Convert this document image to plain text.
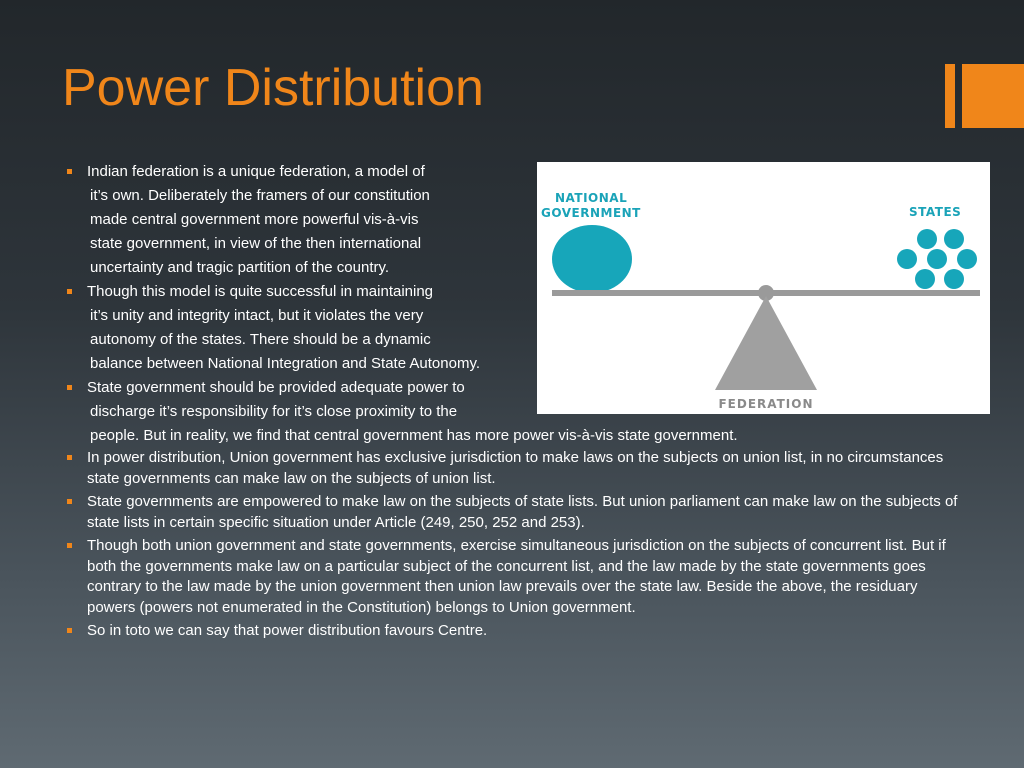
Power Distribution
NATIONAL
GOVERNMENT	STATES
FEDERATION
Indian federation is a unique federation, a model of
it’s own. Deliberately the framers of our constitution
made central government more powerful vis-à-vis
state government, in view of the then international
uncertainty and tragic partition of the country.
Though this model is quite successful in maintaining
it’s unity and integrity intact, but it violates the very
autonomy of the states. There should be a dynamic
balance between National Integration and State Autonomy.
State government should be provided adequate power to
discharge it’s responsibility for it’s close proximity to the
people. But in reality, we find that central government has more power vis-à-vis state government.
In power distribution, Union government has exclusive jurisdiction to make laws on the subjects on union list, in no circumstances state governments can make law on the subjects of union list.
State governments are empowered to make law on the subjects of state lists. But union parliament can make law on the subjects of state lists in certain specific situation under Article (249, 250, 252 and 253).
Though both union government and state governments, exercise simultaneous jurisdiction on the subjects of concurrent list. But if both the governments make law on a particular subject of the concurrent list, and the law made by the state governments goes contrary to the law made by the union government then union law prevails over the state law. Beside the above, the residuary powers (powers not enumerated in the Constitution) belongs to Union government.
So in toto we can say that power distribution favours Centre.
